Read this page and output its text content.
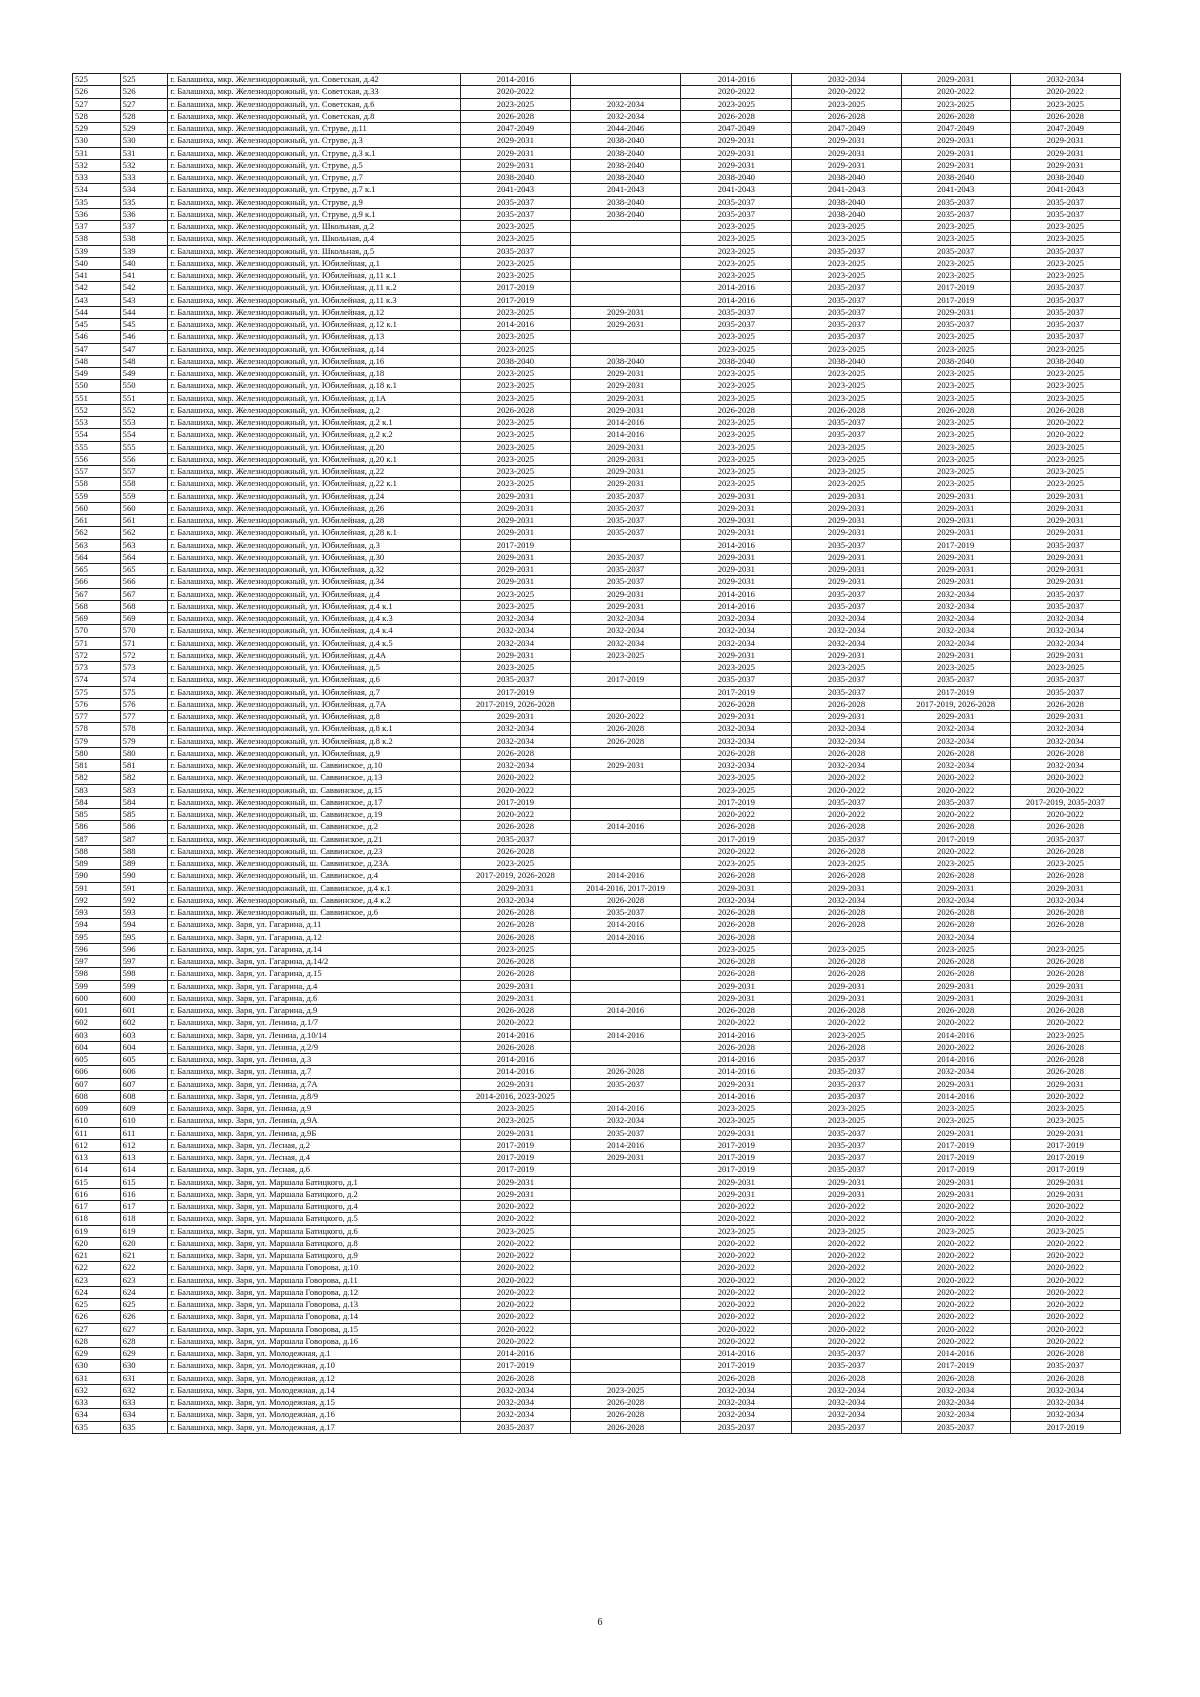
525	525	г. Балашиха, мкр. Железнодорожный, ул. Советская, д.42	2014-2016		2014-2016	2032-2034	2029-2031	2032-2034
526	526	г. Балашиха, мкр. Железнодорожный, ул. Советская, д.33	2020-2022		2020-2022	2020-2022	2020-2022	2020-2022
527	527	г. Балашиха, мкр. Железнодорожный, ул. Советская, д.6	2023-2025	2032-2034	2023-2025	2023-2025	2023-2025	2023-2025
528	528	г. Балашиха, мкр. Железнодорожный, ул. Советская, д.8	2026-2028	2032-2034	2026-2028	2026-2028	2026-2028	2026-2028
529	529	г. Балашиха, мкр. Железнодорожный, ул. Струве, д.11	2047-2049	2044-2046	2047-2049	2047-2049	2047-2049	2047-2049
530	530	г. Балашиха, мкр. Железнодорожный, ул. Струве, д.3	2029-2031	2038-2040	2029-2031	2029-2031	2029-2031	2029-2031
531	531	г. Балашиха, мкр. Железнодорожный, ул. Струве, д.3 к.1	2029-2031	2038-2040	2029-2031	2029-2031	2029-2031	2029-2031
532	532	г. Балашиха, мкр. Железнодорожный, ул. Струве, д.5	2029-2031	2038-2040	2029-2031	2029-2031	2029-2031	2029-2031
533	533	г. Балашиха, мкр. Железнодорожный, ул. Струве, д.7	2038-2040	2038-2040	2038-2040	2038-2040	2038-2040	2038-2040
534	534	г. Балашиха, мкр. Железнодорожный, ул. Струве, д.7 к.1	2041-2043	2041-2043	2041-2043	2041-2043	2041-2043	2041-2043
535	535	г. Балашиха, мкр. Железнодорожный, ул. Струве, д.9	2035-2037	2038-2040	2035-2037	2038-2040	2035-2037	2035-2037
536	536	г. Балашиха, мкр. Железнодорожный, ул. Струве, д.9 к.1	2035-2037	2038-2040	2035-2037	2038-2040	2035-2037	2035-2037
537	537	г. Балашиха, мкр. Железнодорожный, ул. Школьная, д.2	2023-2025		2023-2025	2023-2025	2023-2025	2023-2025
538	538	г. Балашиха, мкр. Железнодорожный, ул. Школьная, д.4	2023-2025		2023-2025	2023-2025	2023-2025	2023-2025
539	539	г. Балашиха, мкр. Железнодорожный, ул. Школьная, д.5	2035-2037		2023-2025	2035-2037	2035-2037	2035-2037
540	540	г. Балашиха, мкр. Железнодорожный, ул. Юбилейная, д.1	2023-2025		2023-2025	2023-2025	2023-2025	2023-2025
541	541	г. Балашиха, мкр. Железнодорожный, ул. Юбилейная, д.11 к.1	2023-2025		2023-2025	2023-2025	2023-2025	2023-2025
542	542	г. Балашиха, мкр. Железнодорожный, ул. Юбилейная, д.11 к.2	2017-2019		2014-2016	2035-2037	2017-2019	2035-2037
543	543	г. Балашиха, мкр. Железнодорожный, ул. Юбилейная, д.11 к.3	2017-2019		2014-2016	2035-2037	2017-2019	2035-2037
544	544	г. Балашиха, мкр. Железнодорожный, ул. Юбилейная, д.12	2023-2025	2029-2031	2035-2037	2035-2037	2029-2031	2035-2037
545	545	г. Балашиха, мкр. Железнодорожный, ул. Юбилейная, д.12 к.1	2014-2016	2029-2031	2035-2037	2035-2037	2035-2037	2035-2037
546	546	г. Балашиха, мкр. Железнодорожный, ул. Юбилейная, д.13	2023-2025		2023-2025	2035-2037	2023-2025	2035-2037
547	547	г. Балашиха, мкр. Железнодорожный, ул. Юбилейная, д.14	2023-2025		2023-2025	2023-2025	2023-2025	2023-2025
548	548	г. Балашиха, мкр. Железнодорожный, ул. Юбилейная, д.16	2038-2040	2038-2040	2038-2040	2038-2040	2038-2040	2038-2040
549	549	г. Балашиха, мкр. Железнодорожный, ул. Юбилейная, д.18	2023-2025	2029-2031	2023-2025	2023-2025	2023-2025	2023-2025
550	550	г. Балашиха, мкр. Железнодорожный, ул. Юбилейная, д.18 к.1	2023-2025	2029-2031	2023-2025	2023-2025	2023-2025	2023-2025
551	551	г. Балашиха, мкр. Железнодорожный, ул. Юбилейная, д.1А	2023-2025	2029-2031	2023-2025	2023-2025	2023-2025	2023-2025
552	552	г. Балашиха, мкр. Железнодорожный, ул. Юбилейная, д.2	2026-2028	2029-2031	2026-2028	2026-2028	2026-2028	2026-2028
553	553	г. Балашиха, мкр. Железнодорожный, ул. Юбилейная, д.2 к.1	2023-2025	2014-2016	2023-2025	2035-2037	2023-2025	2020-2022
554	554	г. Балашиха, мкр. Железнодорожный, ул. Юбилейная, д.2 к.2	2023-2025	2014-2016	2023-2025	2035-2037	2023-2025	2020-2022
555	555	г. Балашиха, мкр. Железнодорожный, ул. Юбилейная, д.20	2023-2025	2029-2031	2023-2025	2023-2025	2023-2025	2023-2025
556	556	г. Балашиха, мкр. Железнодорожный, ул. Юбилейная, д.20 к.1	2023-2025	2029-2031	2023-2025	2023-2025	2023-2025	2023-2025
557	557	г. Балашиха, мкр. Железнодорожный, ул. Юбилейная, д.22	2023-2025	2029-2031	2023-2025	2023-2025	2023-2025	2023-2025
558	558	г. Балашиха, мкр. Железнодорожный, ул. Юбилейная, д.22 к.1	2023-2025	2029-2031	2023-2025	2023-2025	2023-2025	2023-2025
559	559	г. Балашиха, мкр. Железнодорожный, ул. Юбилейная, д.24	2029-2031	2035-2037	2029-2031	2029-2031	2029-2031	2029-2031
560	560	г. Балашиха, мкр. Железнодорожный, ул. Юбилейная, д.26	2029-2031	2035-2037	2029-2031	2029-2031	2029-2031	2029-2031
561	561	г. Балашиха, мкр. Железнодорожный, ул. Юбилейная, д.28	2029-2031	2035-2037	2029-2031	2029-2031	2029-2031	2029-2031
562	562	г. Балашиха, мкр. Железнодорожный, ул. Юбилейная, д.28 к.1	2029-2031	2035-2037	2029-2031	2029-2031	2029-2031	2029-2031
563	563	г. Балашиха, мкр. Железнодорожный, ул. Юбилейная, д.3	2017-2019		2014-2016	2035-2037	2017-2019	2035-2037
564	564	г. Балашиха, мкр. Железнодорожный, ул. Юбилейная, д.30	2029-2031	2035-2037	2029-2031	2029-2031	2029-2031	2029-2031
565	565	г. Балашиха, мкр. Железнодорожный, ул. Юбилейная, д.32	2029-2031	2035-2037	2029-2031	2029-2031	2029-2031	2029-2031
566	566	г. Балашиха, мкр. Железнодорожный, ул. Юбилейная, д.34	2029-2031	2035-2037	2029-2031	2029-2031	2029-2031	2029-2031
567	567	г. Балашиха, мкр. Железнодорожный, ул. Юбилейная, д.4	2023-2025	2029-2031	2014-2016	2035-2037	2032-2034	2035-2037
568	568	г. Балашиха, мкр. Железнодорожный, ул. Юбилейная, д.4 к.1	2023-2025	2029-2031	2014-2016	2035-2037	2032-2034	2035-2037
569	569	г. Балашиха, мкр. Железнодорожный, ул. Юбилейная, д.4 к.3	2032-2034	2032-2034	2032-2034	2032-2034	2032-2034	2032-2034
570	570	г. Балашиха, мкр. Железнодорожный, ул. Юбилейная, д.4 к.4	2032-2034	2032-2034	2032-2034	2032-2034	2032-2034	2032-2034
571	571	г. Балашиха, мкр. Железнодорожный, ул. Юбилейная, д.4 к.5	2032-2034	2032-2034	2032-2034	2032-2034	2032-2034	2032-2034
572	572	г. Балашиха, мкр. Железнодорожный, ул. Юбилейная, д.4А	2029-2031	2023-2025	2029-2031	2029-2031	2029-2031	2029-2031
573	573	г. Балашиха, мкр. Железнодорожный, ул. Юбилейная, д.5	2023-2025		2023-2025	2023-2025	2023-2025	2023-2025
574	574	г. Балашиха, мкр. Железнодорожный, ул. Юбилейная, д.6	2035-2037	2017-2019	2035-2037	2035-2037	2035-2037	2035-2037
575	575	г. Балашиха, мкр. Железнодорожный, ул. Юбилейная, д.7	2017-2019		2017-2019	2035-2037	2017-2019	2035-2037
576	576	г. Балашиха, мкр. Железнодорожный, ул. Юбилейная, д.7А	2017-2019, 2026-2028		2026-2028	2026-2028	2017-2019, 2026-2028	2026-2028
577	577	г. Балашиха, мкр. Железнодорожный, ул. Юбилейная, д.8	2029-2031	2020-2022	2029-2031	2029-2031	2029-2031	2029-2031
578	578	г. Балашиха, мкр. Железнодорожный, ул. Юбилейная, д.8 к.1	2032-2034	2026-2028	2032-2034	2032-2034	2032-2034	2032-2034
579	579	г. Балашиха, мкр. Железнодорожный, ул. Юбилейная, д.8 к.2	2032-2034	2026-2028	2032-2034	2032-2034	2032-2034	2032-2034
580	580	г. Балашиха, мкр. Железнодорожный, ул. Юбилейная, д.9	2026-2028		2026-2028	2026-2028	2026-2028	2026-2028
581	581	г. Балашиха, мкр. Железнодорожный, ш. Саввинское, д.10	2032-2034	2029-2031	2032-2034	2032-2034	2032-2034	2032-2034
582	582	г. Балашиха, мкр. Железнодорожный, ш. Саввинское, д.13	2020-2022		2023-2025	2020-2022	2020-2022	2020-2022
583	583	г. Балашиха, мкр. Железнодорожный, ш. Саввинское, д.15	2020-2022		2023-2025	2020-2022	2020-2022	2020-2022
584	584	г. Балашиха, мкр. Железнодорожный, ш. Саввинское, д.17	2017-2019		2017-2019	2035-2037	2035-2037	2017-2019, 2035-2037
585	585	г. Балашиха, мкр. Железнодорожный, ш. Саввинское, д.19	2020-2022		2020-2022	2020-2022	2020-2022	2020-2022
586	586	г. Балашиха, мкр. Железнодорожный, ш. Саввинское, д.2	2026-2028	2014-2016	2026-2028	2026-2028	2026-2028	2026-2028
587	587	г. Балашиха, мкр. Железнодорожный, ш. Саввинское, д.21	2035-2037		2017-2019	2035-2037	2017-2019	2035-2037
588	588	г. Балашиха, мкр. Железнодорожный, ш. Саввинское, д.23	2026-2028		2020-2022	2026-2028	2020-2022	2026-2028
589	589	г. Балашиха, мкр. Железнодорожный, ш. Саввинское, д.23А	2023-2025		2023-2025	2023-2025	2023-2025	2023-2025
590	590	г. Балашиха, мкр. Железнодорожный, ш. Саввинское, д.4	2017-2019, 2026-2028	2014-2016	2026-2028	2026-2028	2026-2028	2026-2028
591	591	г. Балашиха, мкр. Железнодорожный, ш. Саввинское, д.4 к.1	2029-2031	2014-2016, 2017-2019	2029-2031	2029-2031	2029-2031	2029-2031
592	592	г. Балашиха, мкр. Железнодорожный, ш. Саввинское, д.4 к.2	2032-2034	2026-2028	2032-2034	2032-2034	2032-2034	2032-2034
593	593	г. Балашиха, мкр. Железнодорожный, ш. Саввинское, д.6	2026-2028	2035-2037	2026-2028	2026-2028	2026-2028	2026-2028
594	594	г. Балашиха, мкр. Заря, ул. Гагарина, д.11	2026-2028	2014-2016	2026-2028	2026-2028	2026-2028	2026-2028
595	595	г. Балашиха, мкр. Заря, ул. Гагарина, д.12	2026-2028	2014-2016	2026-2028		2032-2034	
596	596	г. Балашиха, мкр. Заря, ул. Гагарина, д.14	2023-2025		2023-2025	2023-2025	2023-2025	2023-2025
597	597	г. Балашиха, мкр. Заря, ул. Гагарина, д.14/2	2026-2028		2026-2028	2026-2028	2026-2028	2026-2028
598	598	г. Балашиха, мкр. Заря, ул. Гагарина, д.15	2026-2028		2026-2028	2026-2028	2026-2028	2026-2028
599	599	г. Балашиха, мкр. Заря, ул. Гагарина, д.4	2029-2031		2029-2031	2029-2031	2029-2031	2029-2031
600	600	г. Балашиха, мкр. Заря, ул. Гагарина, д.6	2029-2031		2029-2031	2029-2031	2029-2031	2029-2031
601	601	г. Балашиха, мкр. Заря, ул. Гагарина, д.9	2026-2028	2014-2016	2026-2028	2026-2028	2026-2028	2026-2028
602	602	г. Балашиха, мкр. Заря, ул. Ленина, д.1/7	2020-2022		2020-2022	2020-2022	2020-2022	2020-2022
603	603	г. Балашиха, мкр. Заря, ул. Ленина, д.10/14	2014-2016	2014-2016	2014-2016	2023-2025	2014-2016	2023-2025
604	604	г. Балашиха, мкр. Заря, ул. Ленина, д.2/9	2026-2028		2026-2028	2026-2028	2020-2022	2026-2028
605	605	г. Балашиха, мкр. Заря, ул. Ленина, д.3	2014-2016		2014-2016	2035-2037	2014-2016	2026-2028
606	606	г. Балашиха, мкр. Заря, ул. Ленина, д.7	2014-2016	2026-2028	2014-2016	2035-2037	2032-2034	2026-2028
607	607	г. Балашиха, мкр. Заря, ул. Ленина, д.7А	2029-2031	2035-2037	2029-2031	2035-2037	2029-2031	2029-2031
608	608	г. Балашиха, мкр. Заря, ул. Ленина, д.8/9	2014-2016, 2023-2025		2014-2016	2035-2037	2014-2016	2020-2022
609	609	г. Балашиха, мкр. Заря, ул. Ленина, д.9	2023-2025	2014-2016	2023-2025	2023-2025	2023-2025	2023-2025
610	610	г. Балашиха, мкр. Заря, ул. Ленина, д.9А	2023-2025	2032-2034	2023-2025	2023-2025	2023-2025	2023-2025
611	611	г. Балашиха, мкр. Заря, ул. Ленина, д.9Б	2029-2031	2035-2037	2029-2031	2035-2037	2029-2031	2029-2031
612	612	г. Балашиха, мкр. Заря, ул. Лесная, д.2	2017-2019	2014-2016	2017-2019	2035-2037	2017-2019	2017-2019
613	613	г. Балашиха, мкр. Заря, ул. Лесная, д.4	2017-2019	2029-2031	2017-2019	2035-2037	2017-2019	2017-2019
614	614	г. Балашиха, мкр. Заря, ул. Лесная, д.6	2017-2019		2017-2019	2035-2037	2017-2019	2017-2019
615	615	г. Балашиха, мкр. Заря, ул. Маршала Батицкого, д.1	2029-2031		2029-2031	2029-2031	2029-2031	2029-2031
616	616	г. Балашиха, мкр. Заря, ул. Маршала Батицкого, д.2	2029-2031		2029-2031	2029-2031	2029-2031	2029-2031
617	617	г. Балашиха, мкр. Заря, ул. Маршала Батицкого, д.4	2020-2022		2020-2022	2020-2022	2020-2022	2020-2022
618	618	г. Балашиха, мкр. Заря, ул. Маршала Батицкого, д.5	2020-2022		2020-2022	2020-2022	2020-2022	2020-2022
619	619	г. Балашиха, мкр. Заря, ул. Маршала Батицкого, д.6	2023-2025		2023-2025	2023-2025	2023-2025	2023-2025
620	620	г. Балашиха, мкр. Заря, ул. Маршала Батицкого, д.8	2020-2022		2020-2022	2020-2022	2020-2022	2020-2022
621	621	г. Балашиха, мкр. Заря, ул. Маршала Батицкого, д.9	2020-2022		2020-2022	2020-2022	2020-2022	2020-2022
622	622	г. Балашиха, мкр. Заря, ул. Маршала Говорова, д.10	2020-2022		2020-2022	2020-2022	2020-2022	2020-2022
623	623	г. Балашиха, мкр. Заря, ул. Маршала Говорова, д.11	2020-2022		2020-2022	2020-2022	2020-2022	2020-2022
624	624	г. Балашиха, мкр. Заря, ул. Маршала Говорова, д.12	2020-2022		2020-2022	2020-2022	2020-2022	2020-2022
625	625	г. Балашиха, мкр. Заря, ул. Маршала Говорова, д.13	2020-2022		2020-2022	2020-2022	2020-2022	2020-2022
626	626	г. Балашиха, мкр. Заря, ул. Маршала Говорова, д.14	2020-2022		2020-2022	2020-2022	2020-2022	2020-2022
627	627	г. Балашиха, мкр. Заря, ул. Маршала Говорова, д.15	2020-2022		2020-2022	2020-2022	2020-2022	2020-2022
628	628	г. Балашиха, мкр. Заря, ул. Маршала Говорова, д.16	2020-2022		2020-2022	2020-2022	2020-2022	2020-2022
629	629	г. Балашиха, мкр. Заря, ул. Молодежная, д.1	2014-2016		2014-2016	2035-2037	2014-2016	2026-2028
630	630	г. Балашиха, мкр. Заря, ул. Молодежная, д.10	2017-2019		2017-2019	2035-2037	2017-2019	2035-2037
631	631	г. Балашиха, мкр. Заря, ул. Молодежная, д.12	2026-2028		2026-2028	2026-2028	2026-2028	2026-2028
632	632	г. Балашиха, мкр. Заря, ул. Молодежная, д.14	2032-2034	2023-2025	2032-2034	2032-2034	2032-2034	2032-2034
633	633	г. Балашиха, мкр. Заря, ул. Молодежная, д.15	2032-2034	2026-2028	2032-2034	2032-2034	2032-2034	2032-2034
634	634	г. Балашиха, мкр. Заря, ул. Молодежная, д.16	2032-2034	2026-2028	2032-2034	2032-2034	2032-2034	2032-2034
635	635	г. Балашиха, мкр. Заря, ул. Молодежная, д.17	2035-2037	2026-2028	2035-2037	2035-2037	2035-2037	2017-2019
6
